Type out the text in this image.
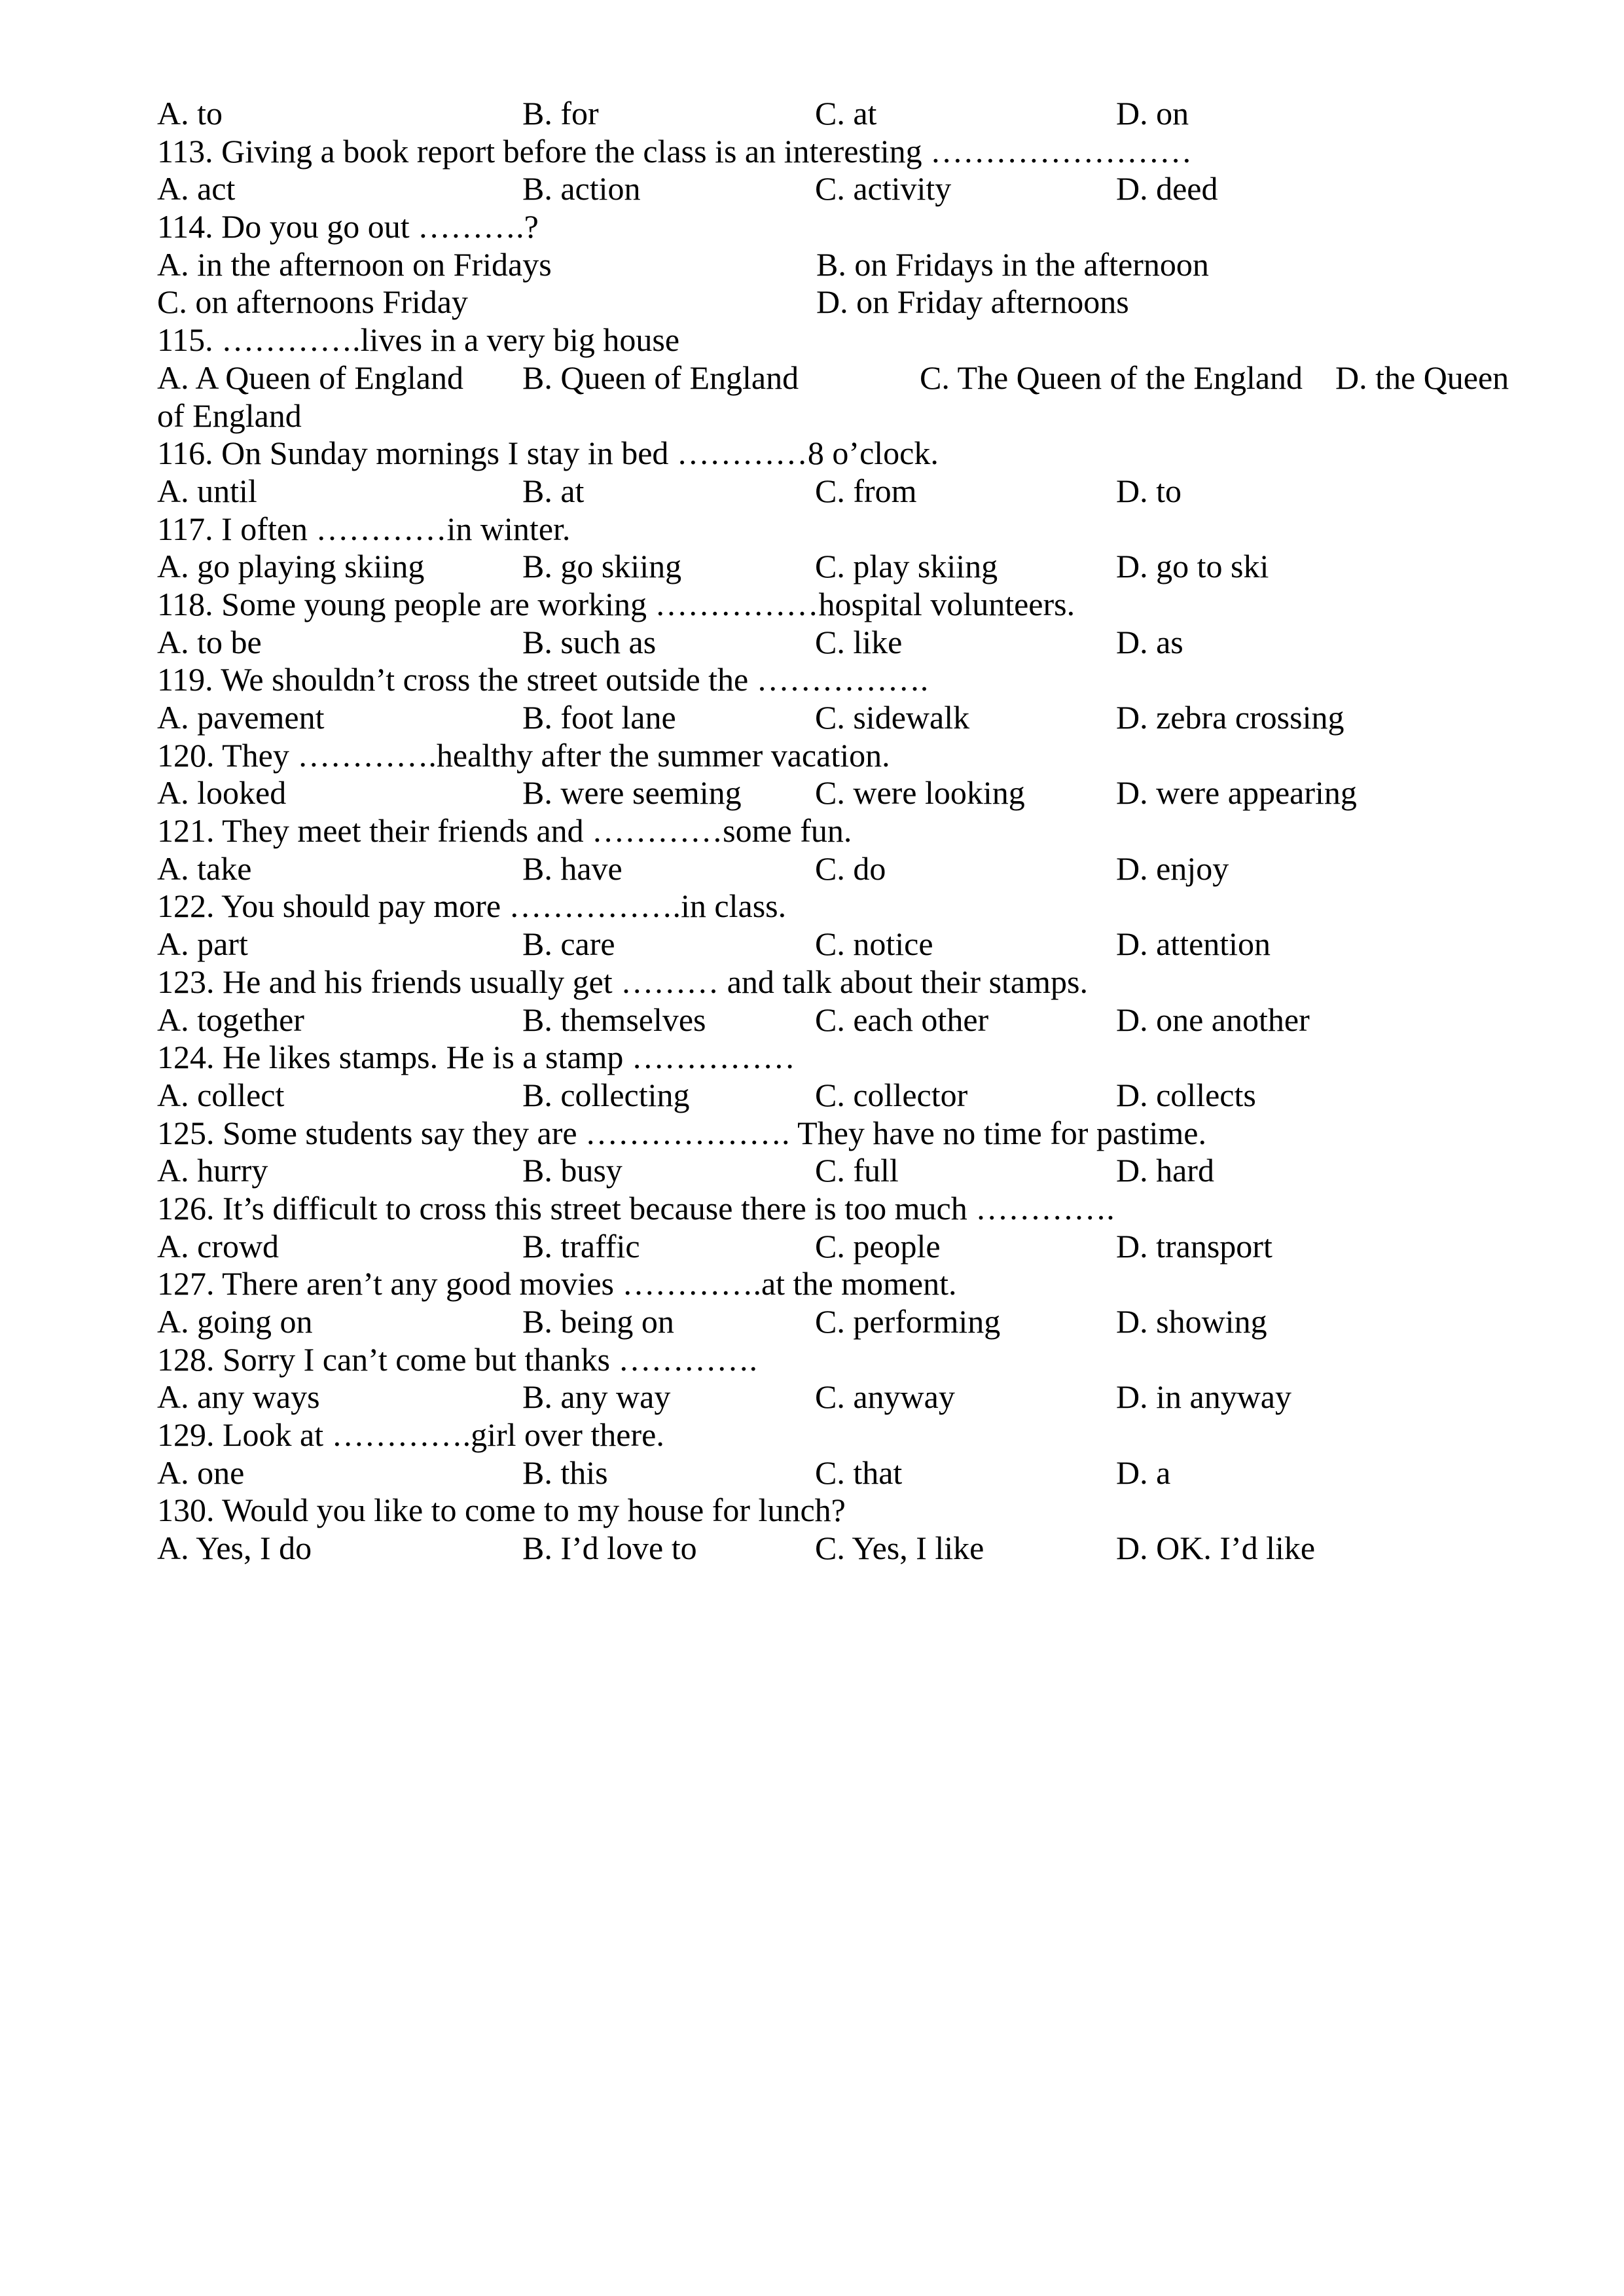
A. to	B. for	C. at	D. on
113. Giving a book report before the class is an interesting ……………………
A. act	B. action	C. activity	D. deed
114. Do you go out ……….?
A. in the afternoon on Fridays	B. on Fridays in the afternoon
C. on afternoons Friday	D. on Friday afternoons
115. ………….lives in a very big house
A. A Queen of England B. Queen of England	C. The Queen of the England D. the Queen
of England
116. On Sunday mornings I stay in bed …………8 o’clock.
A. until	B. at	C. from	D. to
117. I often …………in winter.
A. go playing skiing	B. go skiing	C. play skiing	D. go to ski
118. Some young people are working ……………hospital volunteers.
A. to be	B. such as	C. like	D. as
119. We shouldn’t cross the street outside the …………….
A. pavement	B. foot lane	C. sidewalk	D. zebra crossing
120. They ………….healthy after the summer vacation.
A. looked	B. were seeming C. were looking	D. were appearing
121. They meet their friends and …………some fun.
A. take	B. have	C. do	D. enjoy
122. You should pay more …………….in class.
A. part	B. care	C. notice	D. attention
123. He and his friends usually get ……… and talk about their stamps.
A. together	B. themselves	C. each other	D. one another
124. He likes stamps. He is a stamp ……………
A. collect	B. collecting	C. collector	D. collects
125. Some students say they are ………………. They have no time for pastime.
A. hurry	B. busy	C. full	D. hard
126. It’s difficult to cross this street because there is too much ………….
A. crowd	B. traffic	C. people	D. transport
127. There aren’t any good movies ………….at the moment.
A. going on	B. being on	C. performing	D. showing
128. Sorry I can’t come but thanks ………….
A. any ways	B. any way	C. anyway	D. in anyway
129. Look at ………….girl over there.
A. one	B. this	C. that	D. a
130. Would you like to come to my house for lunch?
A. Yes, I do	B. I’d love to	C. Yes, I like	D. OK. I’d like
